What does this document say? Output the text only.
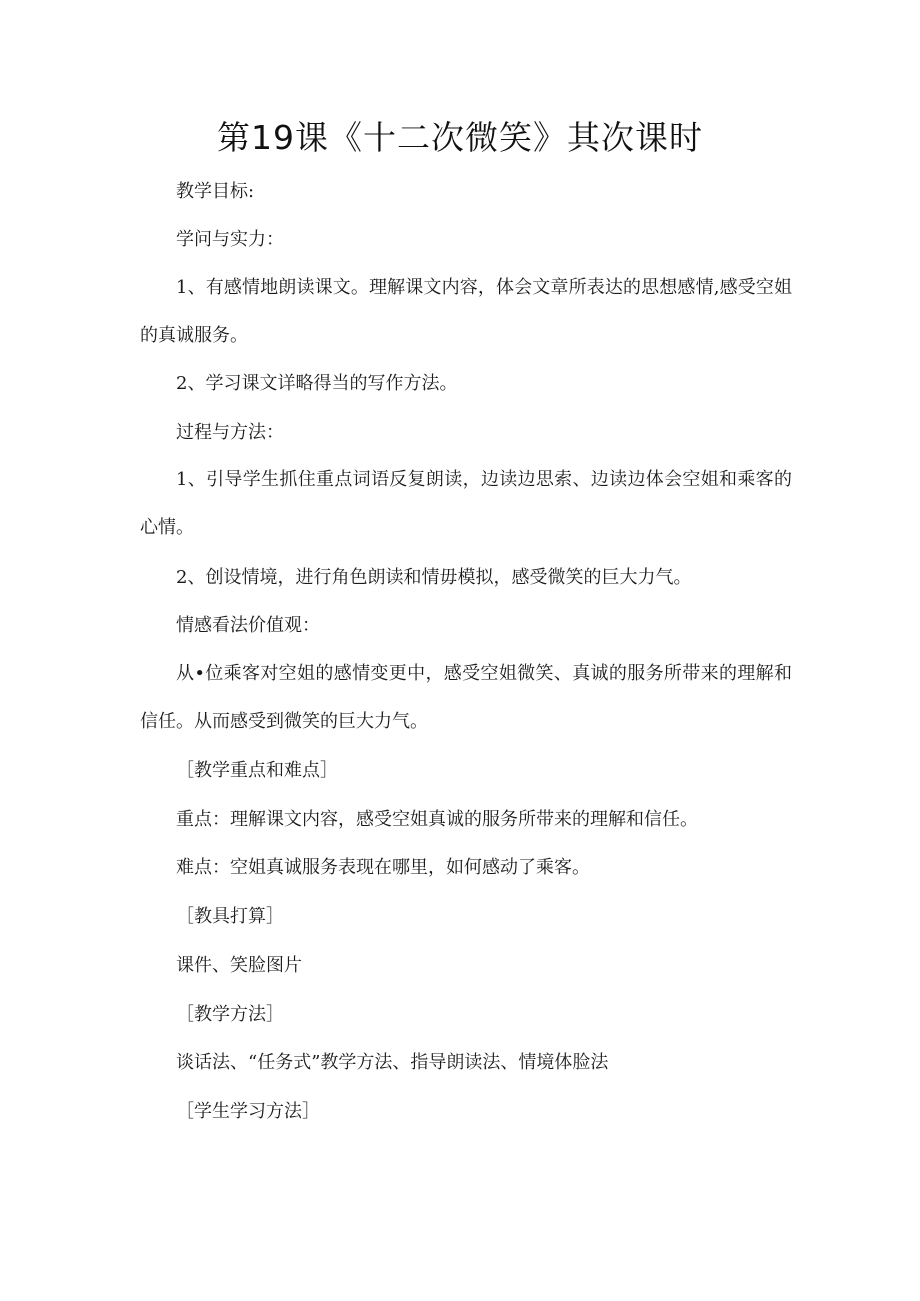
第19课《十二次微笑》其次课时
教学目标:
学问与实力：
1、有感情地朗读课文。理解课文内容，体会文章所表达的思想感情,感受空姐的真诚服务。
2、学习课文详略得当的写作方法。
过程与方法：
1、引导学生抓住重点词语反复朗读，边读边思索、边读边体会空姐和乘客的心情。
2、创设情境，进行角色朗读和情毋模拟，感受微笑的巨大力气。
情感看法价值观：
从•位乘客对空姐的感情变更中，感受空姐微笑、真诚的服务所带来的理解和信任。从而感受到微笑的巨大力气。
［教学重点和难点］
重点：理解课文内容，感受空姐真诚的服务所带来的理解和信任。
难点：空姐真诚服务表现在哪里，如何感动了乘客。
［教具打算］
课件、笑脸图片
［教学方法］
谈话法、“任务式”教学方法、指导朗读法、情境体脸法
［学生学习方法］
